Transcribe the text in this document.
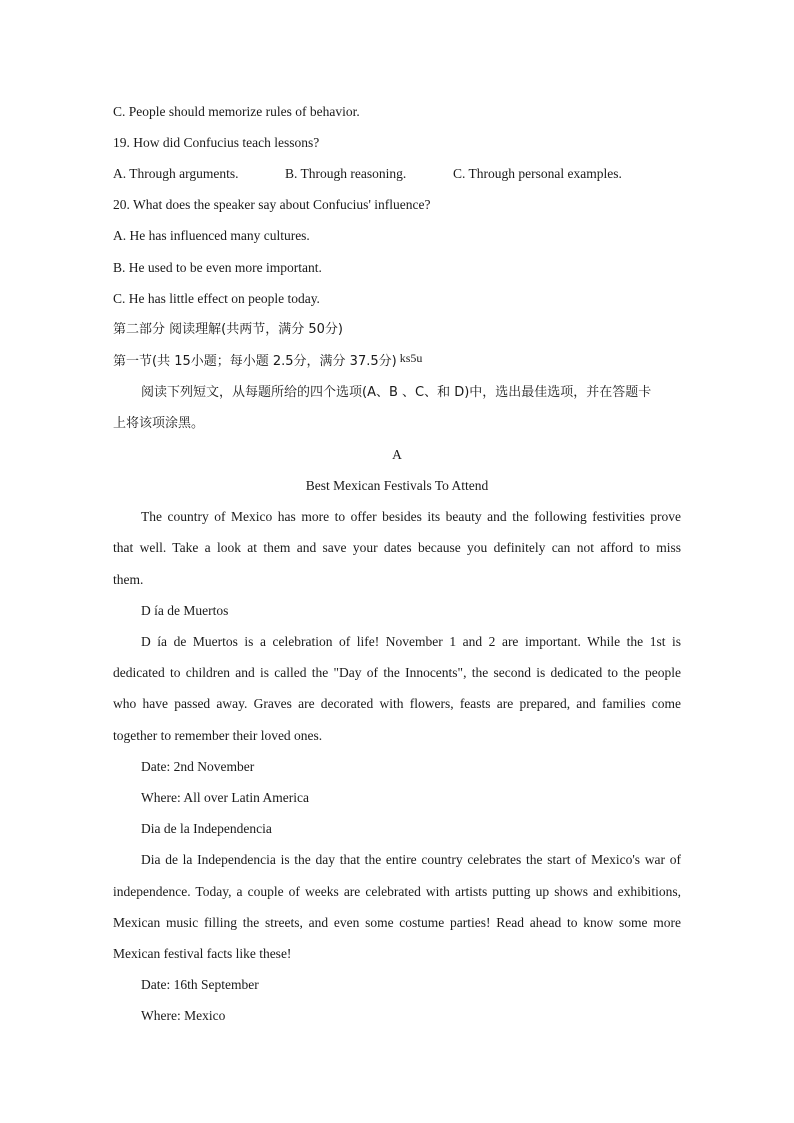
C. People should memorize rules of behavior.
19. How did Confucius teach lessons?
A. Through arguments.	B. Through reasoning.	C. Through personal examples.
20. What does the speaker say about Confucius' influence?
A. He has influenced many cultures.
B. He used to be even more important.
C. He has little effect on people today.
第二部分 阅读理解(共两节，满分 50分)
第一节(共 15小题；每小题 2.5分，满分 37.5分) ks5u
阅读下列短文，从每题所给的四个选项(A、B 、C、和 D)中，选出最佳选项，并在答题卡
上将该项涂黑。
A
Best Mexican Festivals To Attend
The country of Mexico has more to offer besides its beauty and the following festivities prove
that well. Take a look at them and save your dates because you definitely can not afford to miss
them.
D ía de Muertos
D ía de Muertos is a celebration of life! November 1 and 2 are important. While the 1st is
dedicated to children and is called the "Day of the Innocents", the second is dedicated to the people
who have passed away. Graves are decorated with flowers, feasts are prepared, and families come
together to remember their loved ones.
Date: 2nd November
Where: All over Latin America
Dia de la Independencia
Dia de la Independencia is the day that the entire country celebrates the start of Mexico's war of
independence. Today, a couple of weeks are celebrated with artists putting up shows and exhibitions,
Mexican music filling the streets, and even some costume parties! Read ahead to know some more
Mexican festival facts like these!
Date: 16th September
Where: Mexico
